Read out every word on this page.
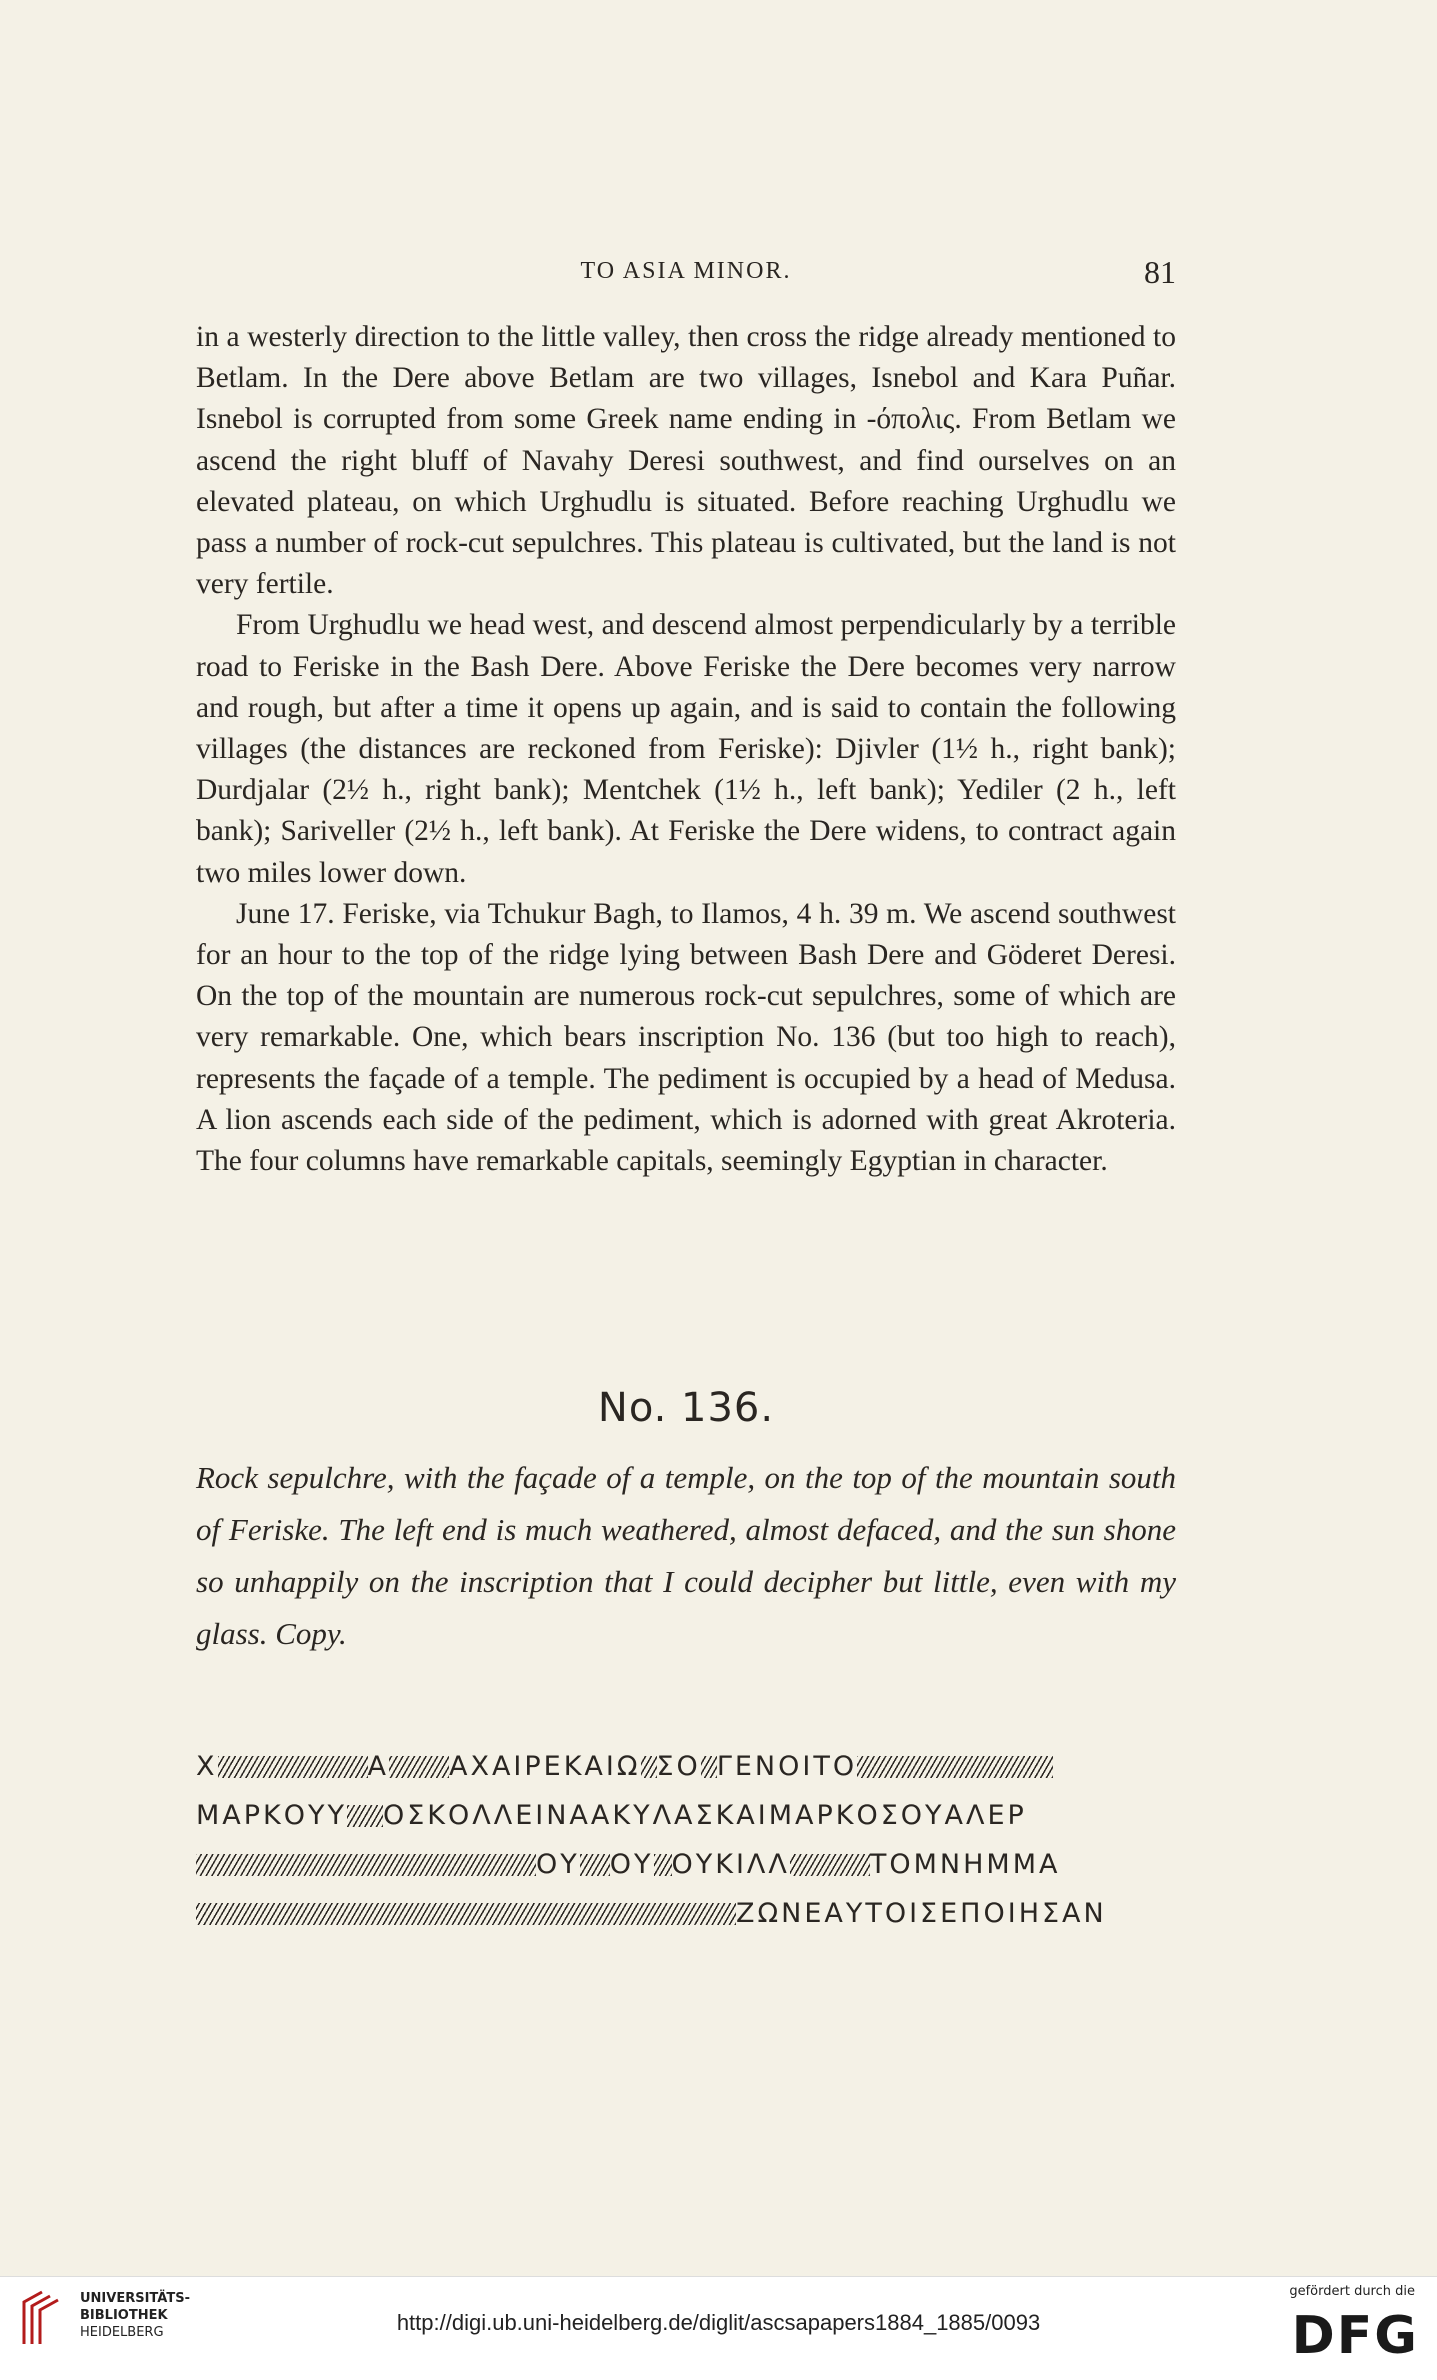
TO ASIA MINOR.	81

in a westerly direction to the little valley, then cross the ridge already mentioned to Betlam. In the Dere above Betlam are two villages, Isnebol and Kara Puñar. Isnebol is corrupted from some Greek name ending in -όπολις. From Betlam we ascend the right bluff of Navahy Deresi southwest, and find ourselves on an elevated plateau, on which Urghudlu is situated. Before reaching Urghudlu we pass a number of rock-cut sepulchres. This plateau is cultivated, but the land is not very fertile.

From Urghudlu we head west, and descend almost perpendicularly by a terrible road to Feriske in the Bash Dere. Above Feriske the Dere becomes very narrow and rough, but after a time it opens up again, and is said to contain the following villages (the distances are reckoned from Feriske): Djivler (1½ h., right bank); Durdjalar (2½ h., right bank); Mentchek (1½ h., left bank); Yediler (2 h., left bank); Sariveller (2½ h., left bank). At Feriske the Dere widens, to contract again two miles lower down.

June 17. Feriske, via Tchukur Bagh, to Ilamos, 4 h. 39 m. We ascend southwest for an hour to the top of the ridge lying between Bash Dere and Göderet Deresi. On the top of the mountain are numerous rock-cut sepulchres, some of which are very remarkable. One, which bears inscription No. 136 (but too high to reach), represents the façade of a temple. The pediment is occupied by a head of Medusa. A lion ascends each side of the pediment, which is adorned with great Akroteria. The four columns have remarkable capitals, seemingly Egyptian in character.

No. 136.
Rock sepulchre, with the façade of a temple, on the top of the mountain south of Feriske. The left end is much weathered, almost defaced, and the sun shone so unhappily on the inscription that I could decipher but little, even with my glass. Copy.
Χ	Α ΑΧΑΙΡΕΚΑΙΩ ΣΟ ΓΕΝΟΙΤΟ
ΜΑΡΚΟΥΥ ΟΣΚΟΛΛΕΙΝΑΑΚΥΛΑΣΚΑΙΜΑΡΚΟΣΟΥΑΛΕΡ
ΟΥ ΟΥ ΟΥΚΙΛΛ	ΤΟΜΝΗΜΜΑ
ΖΩΝΕΑΥΤΟΙΣΕΠΟΙΗΣΑΝ
UNIVERSITÄTS-
BIBLIOTHEK
HEIDELBERG	http://digi.ub.uni-heidelberg.de/diglit/ascsapapers1884_1885/0093
gefördert durch die
DFG
